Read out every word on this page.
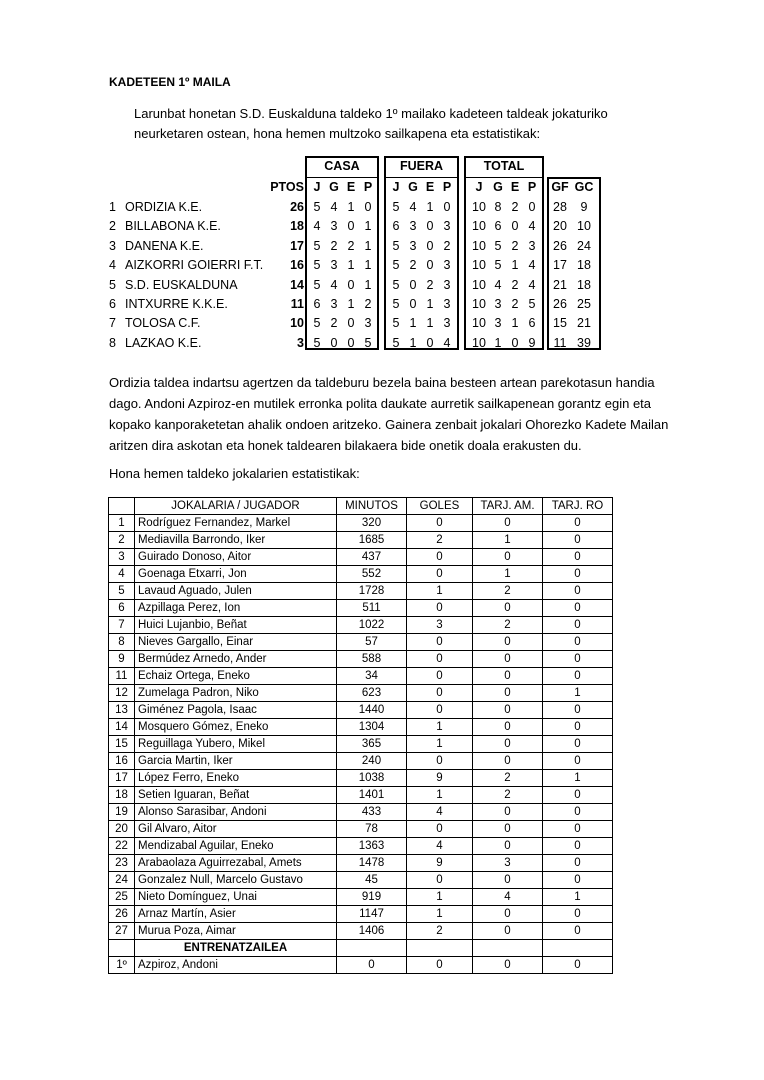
KADETEEN 1º MAILA
Larunbat honetan S.D. Euskalduna taldeko 1º mailako kadeteen taldeak jokaturiko neurketaren ostean, hona hemen multzoko sailkapena eta estatistikak:
CASA	FUERA	TOTAL
PTOS J G E P	J G E P	J G E P	GF GC
1 ORDIZIA K.E.	26 5 4 1 0	5 4 1 0	10 8 2 0	28	9
2 BILLABONA K.E.	18 4 3 0 1	6 3 0 3	10 6 0 4	20 10
3 DANENA K.E.	17 5 2 2 1	5 3 0 2	10 5 2 3	26 24
4 AIZKORRI GOIERRI F.T.	16 5 3 1 1	5 2 0 3	10 5 1 4	17 18
5 S.D. EUSKALDUNA	14 5 4 0 1	5 0 2 3	10 4 2 4	21 18
6 INTXURRE K.K.E.	11 6 3 1 2	5 0 1 3	10 3 2 5	26 25
7 TOLOSA C.F.	10 5 2 0 3	5 1 1 3	10 3 1 6	15 21
8 LAZKAO K.E.	3 5 0 0 5	5 1 0 4	10 1 0 9	11 39
Ordizia taldea indartsu agertzen da taldeburu bezela baina besteen artean parekotasun handia dago. Andoni Azpiroz-en mutilek erronka polita daukate aurretik sailkapenean gorantz egin eta kopako kanporaketetan ahalik ondoen aritzeko. Gainera zenbait jokalari Ohorezko Kadete Mailan aritzen dira askotan eta honek taldearen bilakaera bide onetik doala erakusten du.
Hona hemen taldeko jokalarien estatistikak:
	JOKALARIA / JUGADOR	MINUTOS	GOLES	TARJ. AM.	TARJ. RO
1	Rodríguez Fernandez, Markel	320	0	0	0
2	Mediavilla Barrondo, Iker	1685	2	1	0
3	Guirado Donoso, Aitor	437	0	0	0
4	Goenaga Etxarri, Jon	552	0	1	0
5	Lavaud Aguado, Julen	1728	1	2	0
6	Azpillaga Perez, Ion	511	0	0	0
7	Huici Lujanbio, Beñat	1022	3	2	0
8	Nieves Gargallo, Einar	57	0	0	0
9	Bermúdez Arnedo, Ander	588	0	0	0
11	Echaiz Ortega, Eneko	34	0	0	0
12	Zumelaga Padron, Niko	623	0	0	1
13	Giménez Pagola, Isaac	1440	0	0	0
14	Mosquero Gómez, Eneko	1304	1	0	0
15	Reguillaga Yubero, Mikel	365	1	0	0
16	Garcia Martin, Iker	240	0	0	0
17	López Ferro, Eneko	1038	9	2	1
18	Setien Iguaran, Beñat	1401	1	2	0
19	Alonso Sarasibar, Andoni	433	4	0	0
20	Gil Alvaro, Aitor	78	0	0	0
22	Mendizabal Aguilar, Eneko	1363	4	0	0
23	Arabaolaza Aguirrezabal, Amets	1478	9	3	0
24	Gonzalez Null, Marcelo Gustavo	45	0	0	0
25	Nieto Domínguez, Unai	919	1	4	1
26	Arnaz Martín, Asier	1147	1	0	0
27	Murua Poza, Aimar	1406	2	0	0
	ENTRENATZAILEA				
1º	Azpiroz, Andoni	0	0	0	0
